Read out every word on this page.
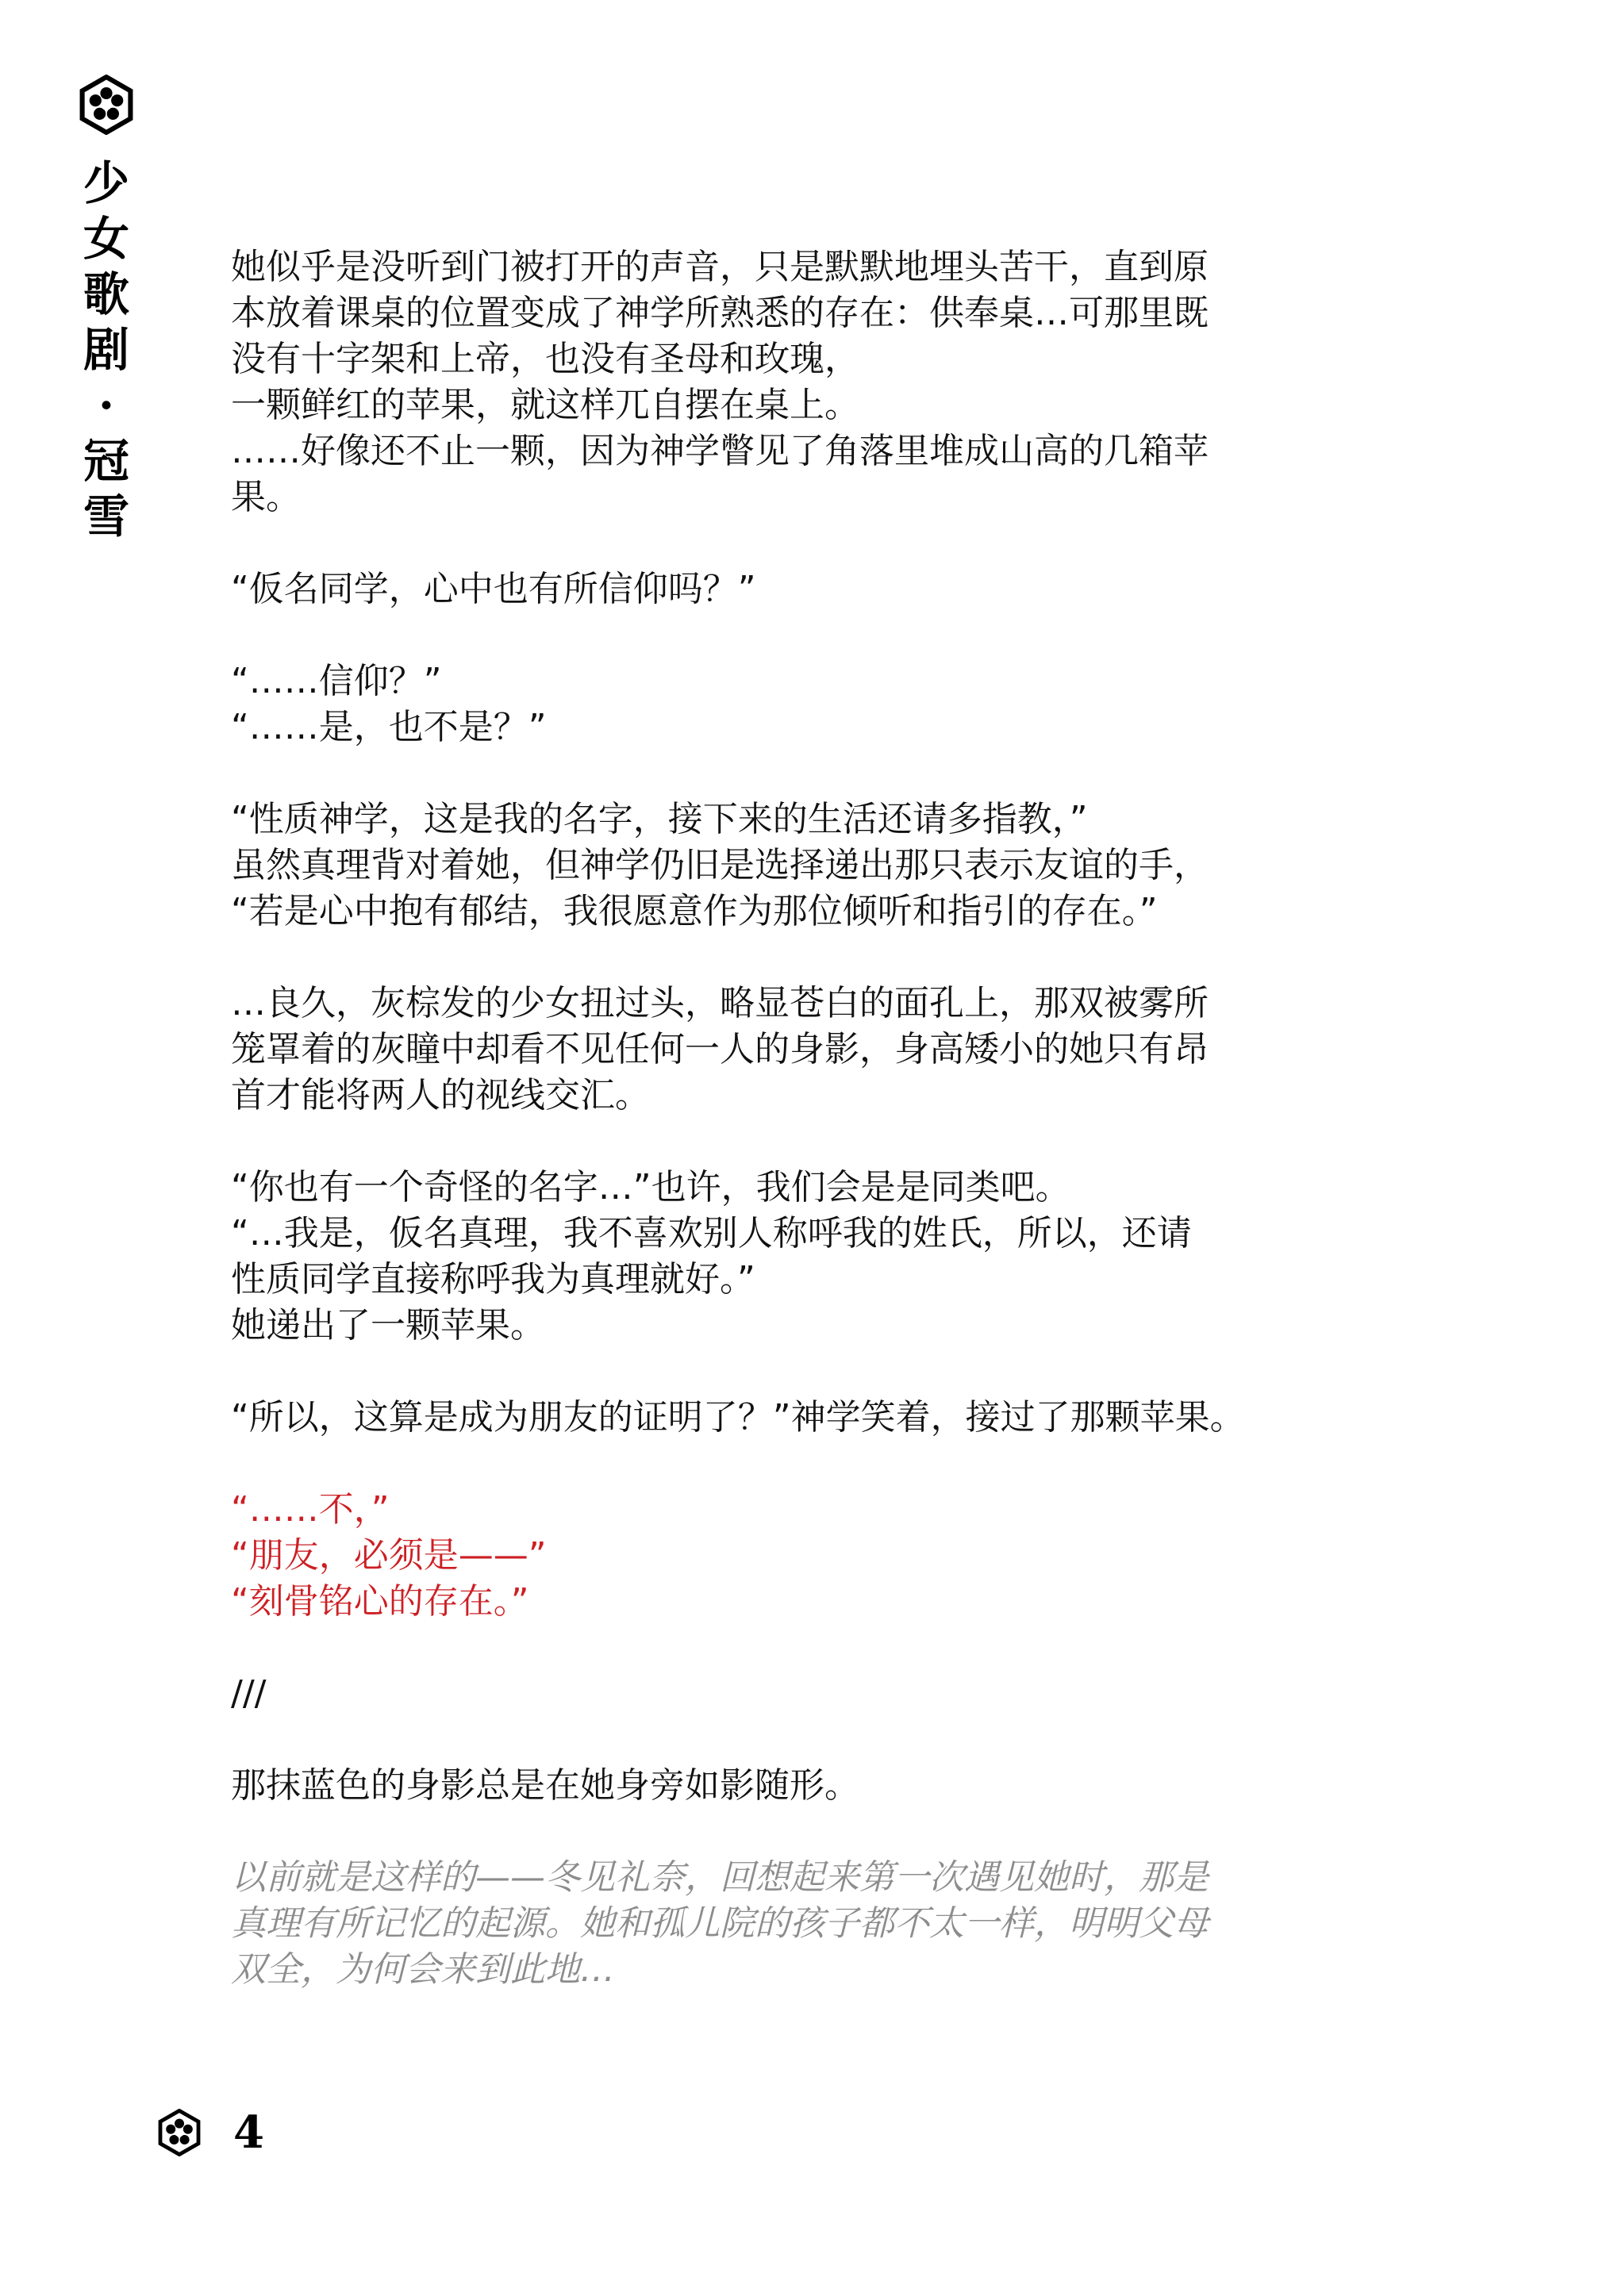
少
女
歌
剧
·
冠
雪
她似乎是没听到门被打开的声音，只是默默地埋头苦干，直到原
本放着课桌的位置变成了神学所熟悉的存在：供奉桌…可那里既
没有十字架和上帝，也没有圣母和玫瑰，
一颗鲜红的苹果，就这样兀自摆在桌上。
……好像还不止一颗，因为神学瞥见了角落里堆成山高的几箱苹
果。
“仮名同学，心中也有所信仰吗？”
“……信仰？”
“……是，也不是？”
“性质神学，这是我的名字，接下来的生活还请多指教，”
虽然真理背对着她，但神学仍旧是选择递出那只表示友谊的手，
“若是心中抱有郁结，我很愿意作为那位倾听和指引的存在。”
…良久，灰棕发的少女扭过头，略显苍白的面孔上，那双被雾所
笼罩着的灰瞳中却看不见任何一人的身影，身高矮小的她只有昂
首才能将两人的视线交汇。
“你也有一个奇怪的名字…”也许，我们会是是同类吧。
“…我是，仮名真理，我不喜欢别人称呼我的姓氏，所以，还请
性质同学直接称呼我为真理就好。”
她递出了一颗苹果。
“所以，这算是成为朋友的证明了？”神学笑着，接过了那颗苹果。
“……不，”
“朋友，必须是——”
“刻骨铭心的存在。”
///
那抹蓝色的身影总是在她身旁如影随形。
以前就是这样的——冬见礼奈，回想起来第一次遇见她时，那是
真理有所记忆的起源。她和孤儿院的孩子都不太一样，明明父母
双全，为何会来到此地…
4
